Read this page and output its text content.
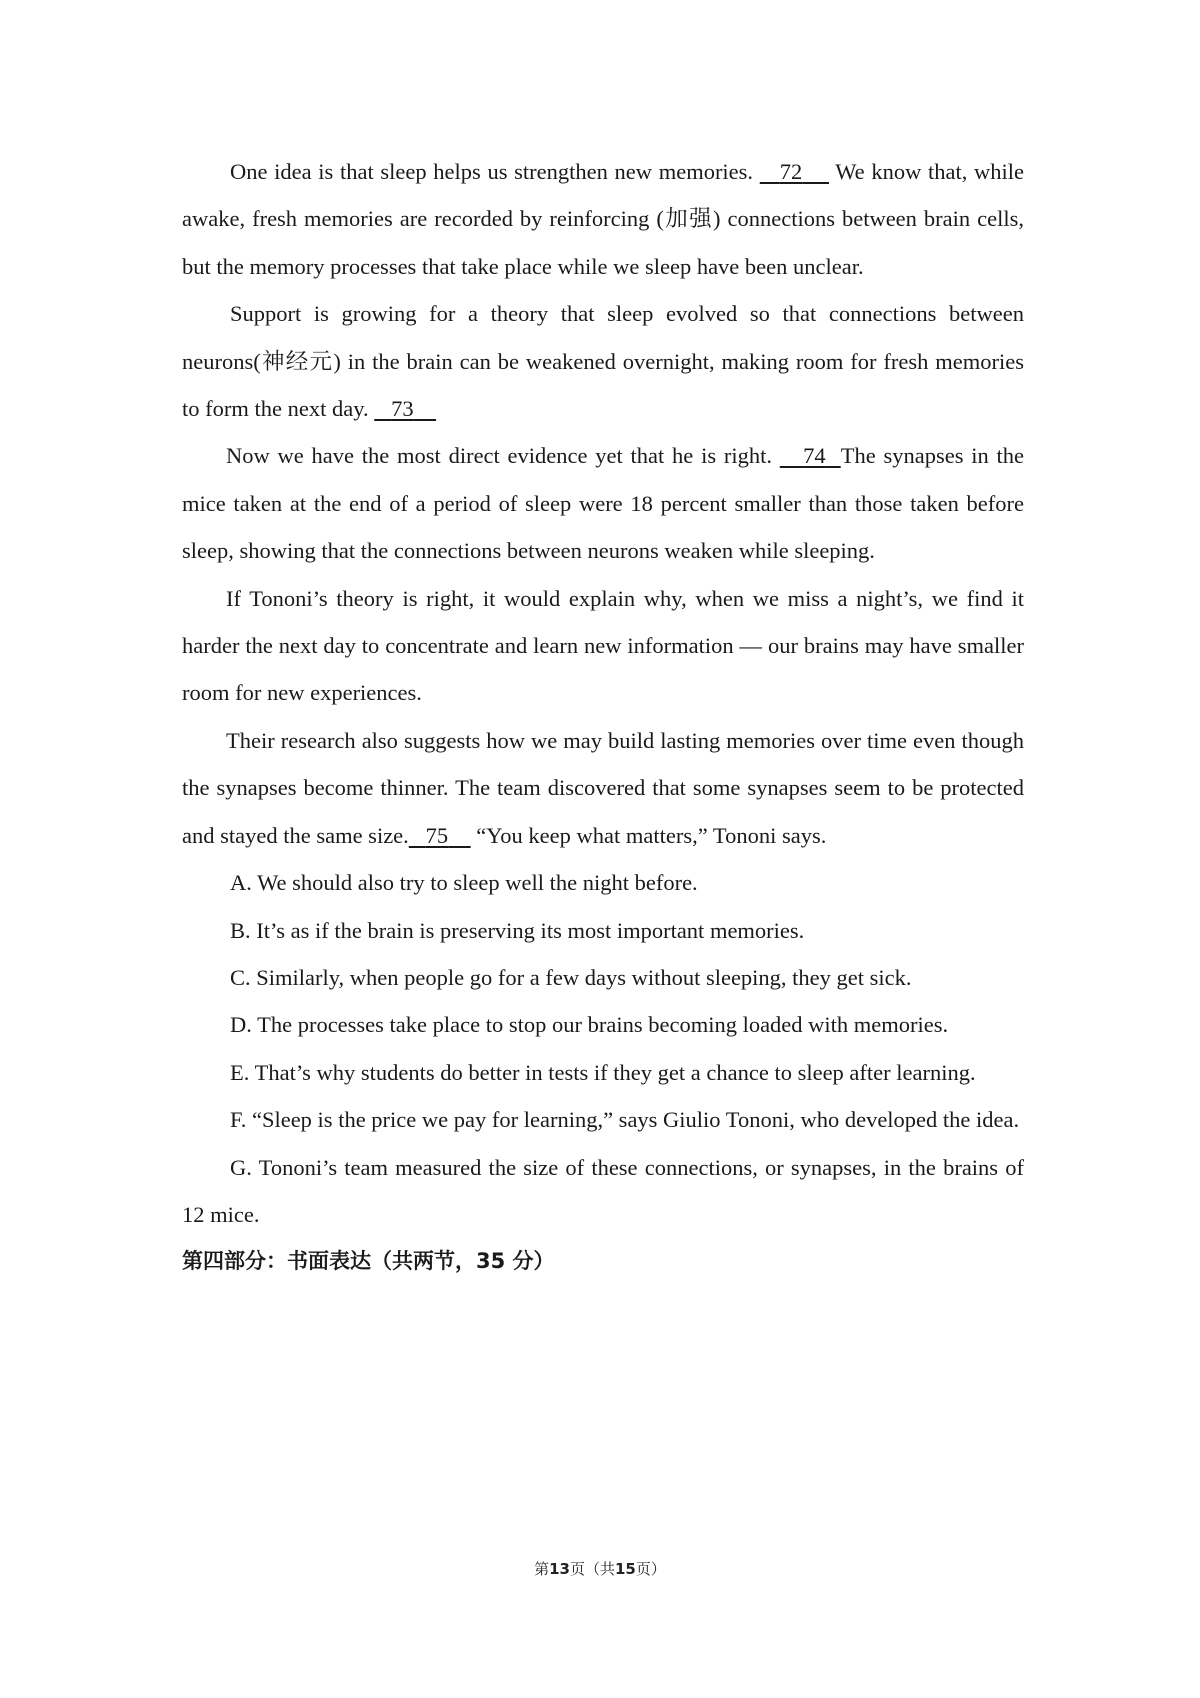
One idea is that sleep helps us strengthen new memories.    72     We know that, while awake, fresh memories are recorded by reinforcing (加强) connections between brain cells, but the memory processes that take place while we sleep have been unclear.

Support is growing for a theory that sleep evolved so that connections between neurons(神经元) in the brain can be weakened overnight, making room for fresh memories to form the next day.    73

Now we have the most direct evidence yet that he is right.    74 The synapses in the mice taken at the end of a period of sleep were 18 percent smaller than those taken before sleep, showing that the connections between neurons weaken while sleeping.

If Tononi’s theory is right, it would explain why, when we miss a night’s, we find it harder the next day to concentrate and learn new information — our brains may have smaller room for new experiences.

Their research also suggests how we may build lasting memories over time even though the synapses become thinner. The team discovered that some synapses seem to be protected and stayed the same size. 75     “You keep what matters,” Tononi says.

A. We should also try to sleep well the night before.

B. It’s as if the brain is preserving its most important memories.

C. Similarly, when people go for a few days without sleeping, they get sick.

D. The processes take place to stop our brains becoming loaded with memories.

E. That’s why students do better in tests if they get a chance to sleep after learning.

F. “Sleep is the price we pay for learning,” says Giulio Tononi, who developed the idea.

G. Tononi’s team measured the size of these connections, or synapses, in the brains of 12 mice.

第四部分：书面表达（共两节，35 分）

第13页（共15页）
